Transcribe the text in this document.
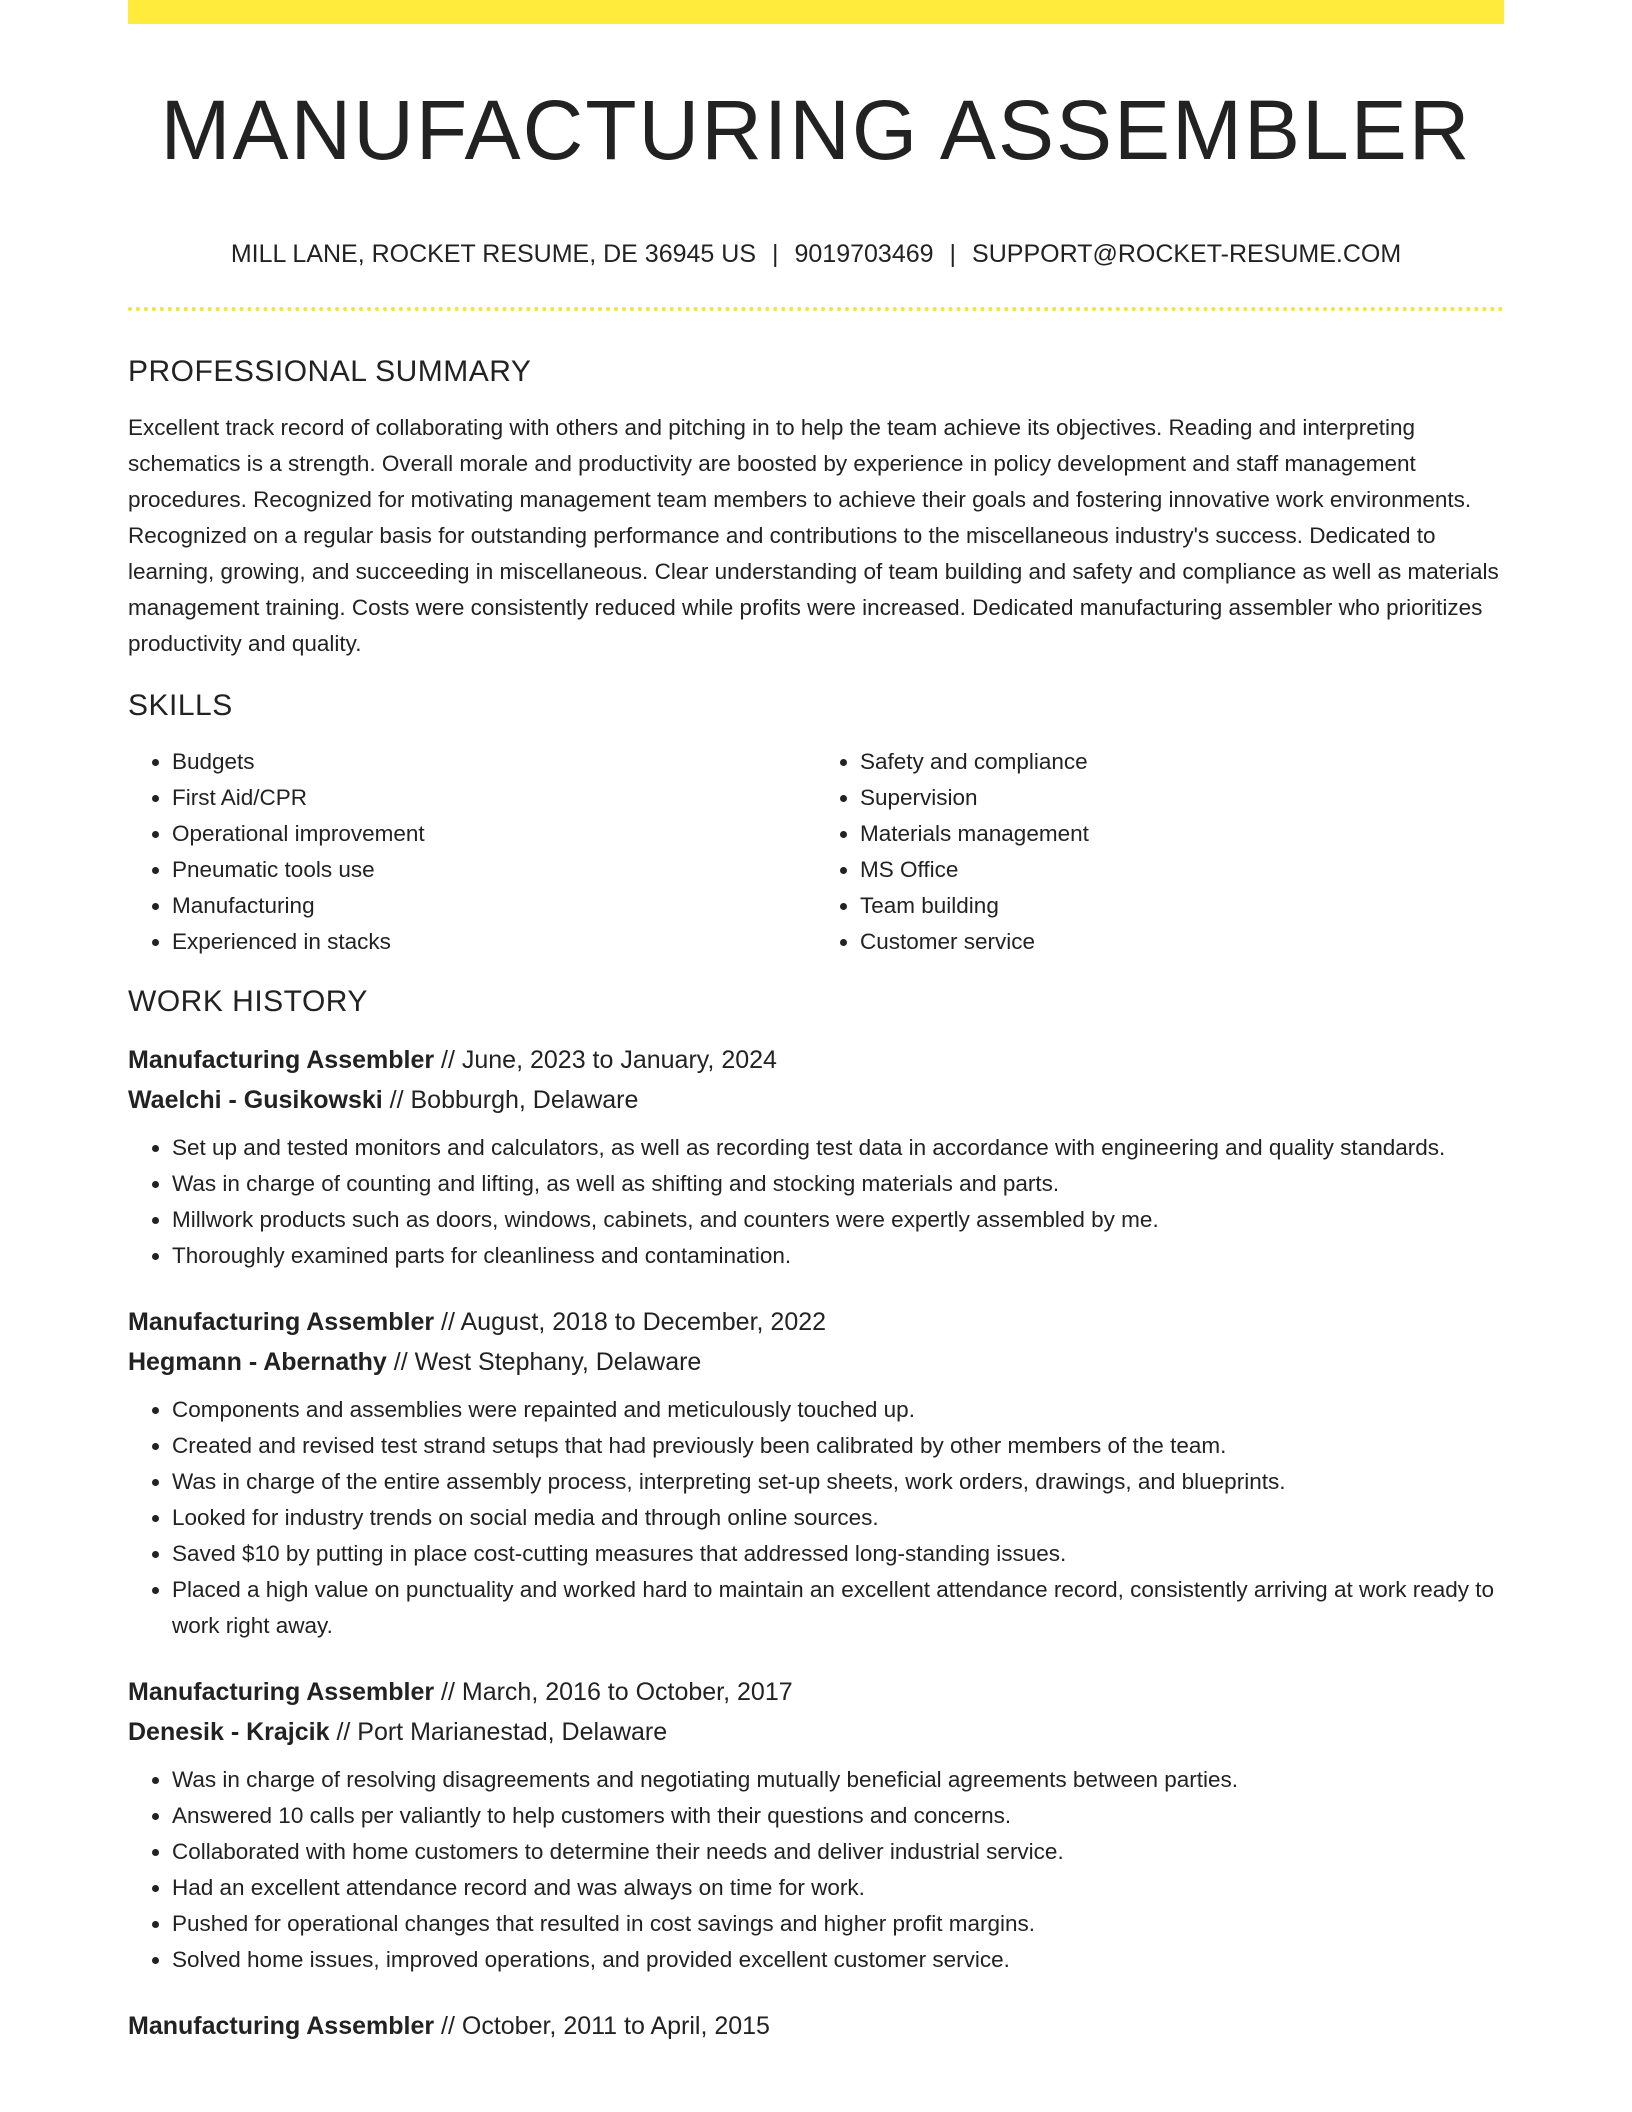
MANUFACTURING ASSEMBLER
MILL LANE, ROCKET RESUME, DE 36945 US | 9019703469 | SUPPORT@ROCKET-RESUME.COM
PROFESSIONAL SUMMARY

Excellent track record of collaborating with others and pitching in to help the team achieve its objectives. Reading and interpreting schematics is a strength. Overall morale and productivity are boosted by experience in policy development and staff management procedures. Recognized for motivating management team members to achieve their goals and fostering innovative work environments. Recognized on a regular basis for outstanding performance and contributions to the miscellaneous industry's success. Dedicated to learning, growing, and succeeding in miscellaneous. Clear understanding of team building and safety and compliance as well as materials management training. Costs were consistently reduced while profits were increased. Dedicated manufacturing assembler who prioritizes productivity and quality.

SKILLS
• Budgets
• First Aid/CPR
• Operational improvement
• Pneumatic tools use
• Manufacturing
• Experienced in stacks
• Safety and compliance
• Supervision
• Materials management
• MS Office
• Team building
• Customer service
WORK HISTORY
Manufacturing Assembler // June, 2023 to January, 2024
Waelchi - Gusikowski // Bobburgh, Delaware
• Set up and tested monitors and calculators, as well as recording test data in accordance with engineering and quality standards.
• Was in charge of counting and lifting, as well as shifting and stocking materials and parts.
• Millwork products such as doors, windows, cabinets, and counters were expertly assembled by me.
• Thoroughly examined parts for cleanliness and contamination.
Manufacturing Assembler // August, 2018 to December, 2022
Hegmann - Abernathy // West Stephany, Delaware
• Components and assemblies were repainted and meticulously touched up.
• Created and revised test strand setups that had previously been calibrated by other members of the team.
• Was in charge of the entire assembly process, interpreting set-up sheets, work orders, drawings, and blueprints.
• Looked for industry trends on social media and through online sources.
• Saved $10 by putting in place cost-cutting measures that addressed long-standing issues.
• Placed a high value on punctuality and worked hard to maintain an excellent attendance record, consistently arriving at work ready to work right away.
Manufacturing Assembler // March, 2016 to October, 2017
Denesik - Krajcik // Port Marianestad, Delaware
• Was in charge of resolving disagreements and negotiating mutually beneficial agreements between parties.
• Answered 10 calls per valiantly to help customers with their questions and concerns.
• Collaborated with home customers to determine their needs and deliver industrial service.
• Had an excellent attendance record and was always on time for work.
• Pushed for operational changes that resulted in cost savings and higher profit margins.
• Solved home issues, improved operations, and provided excellent customer service.
Manufacturing Assembler // October, 2011 to April, 2015
